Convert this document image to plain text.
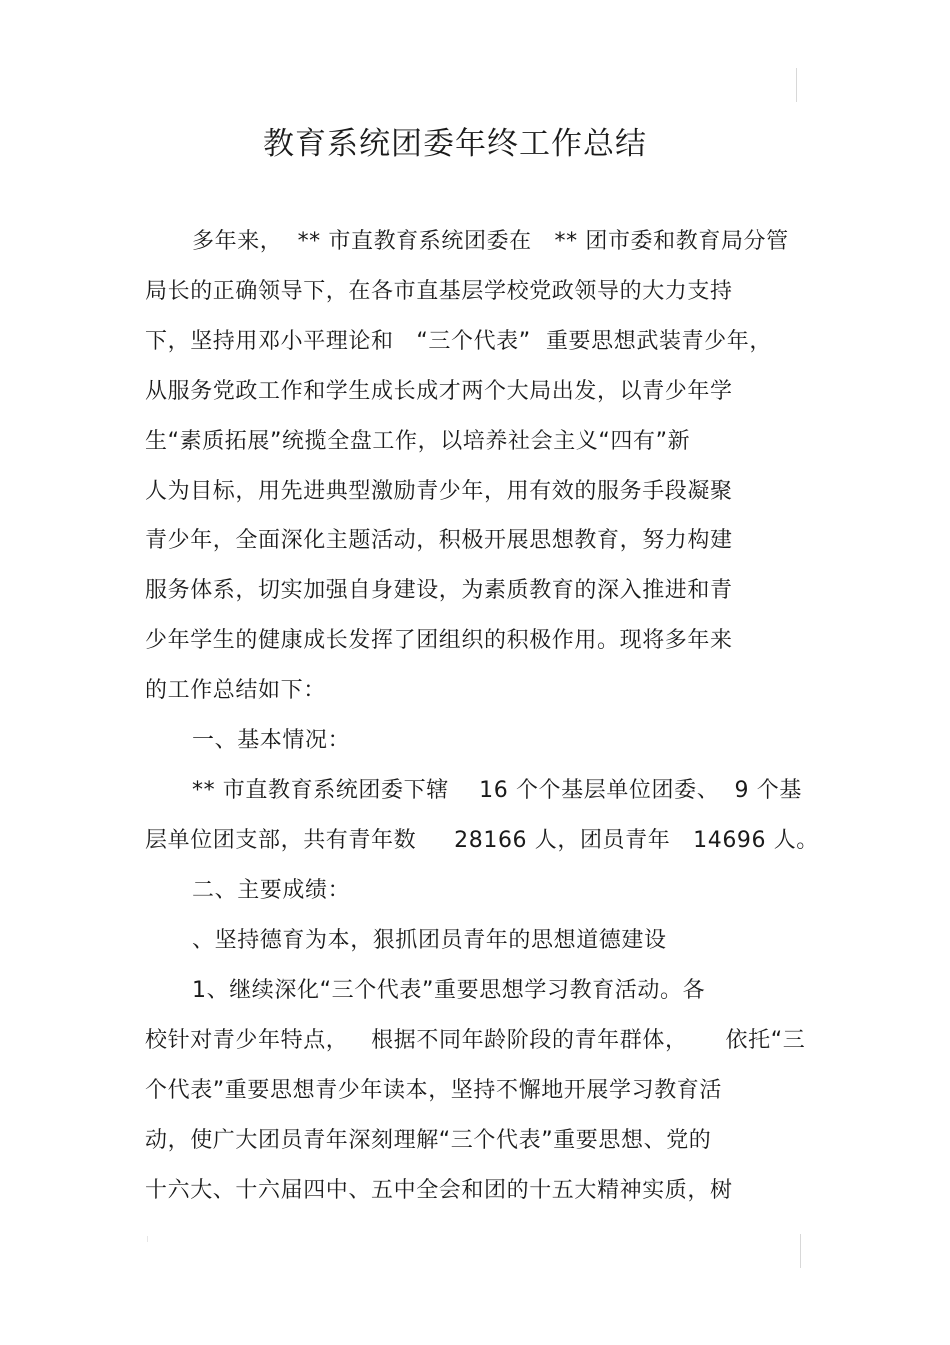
教育系统团委年终工作总结
多年来，  ** 市直教育系统团委在   ** 团市委和教育局分管
局长的正确领导下，在各市直基层学校党政领导的大力支持
下，坚持用邓小平理论和   “三个代表”  重要思想武装青少年，
从服务党政工作和学生成长成才两个大局出发，以青少年学
生“素质拓展”统揽全盘工作，以培养社会主义“四有”新
人为目标，用先进典型激励青少年，用有效的服务手段凝聚
青少年，全面深化主题活动，积极开展思想教育，努力构建
服务体系，切实加强自身建设，为素质教育的深入推进和青
少年学生的健康成长发挥了团组织的积极作用。现将多年来
的工作总结如下：
一、基本情况：
** 市直教育系统团委下辖    16 个个基层单位团委、  9 个基
层单位团支部，共有青年数     28166 人，团员青年   14696 人。
二、主要成绩：
、坚持德育为本，狠抓团员青年的思想道德建设
1、继续深化“三个代表”重要思想学习教育活动。各
校针对青少年特点，   根据不同年龄阶段的青年群体，     依托“三
个代表”重要思想青少年读本，坚持不懈地开展学习教育活
动，使广大团员青年深刻理解“三个代表”重要思想、党的
十六大、十六届四中、五中全会和团的十五大精神实质，树
